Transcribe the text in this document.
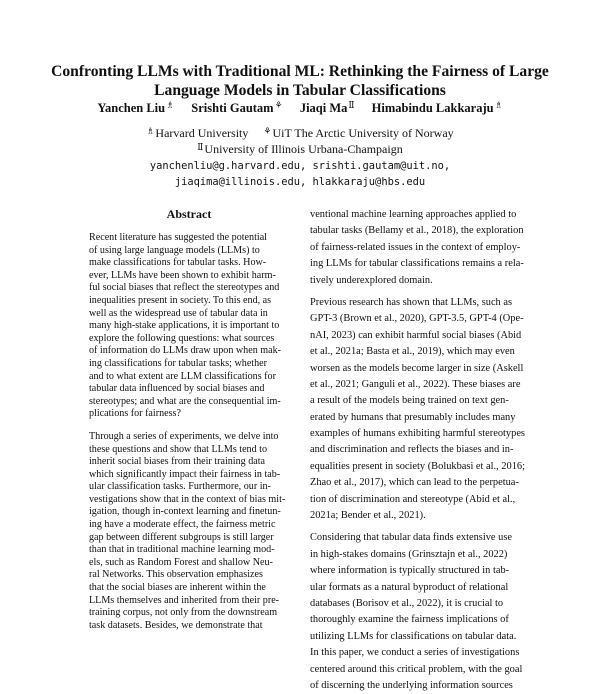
Confronting LLMs with Traditional ML: Rethinking the Fairness of Large
Language Models in Tabular Classifications
Yanchen Liu♗ Srishti Gautam⚘ Jiaqi MaⅡ Himabindu Lakkaraju♗
♗Harvard University ⚘UiT The Arctic University of Norway
ⅡUniversity of Illinois Urbana-Champaign
yanchenliu@g.harvard.edu, srishti.gautam@uit.no,
jiaqima@illinois.edu, hlakkaraju@hbs.edu
Abstract
Recent literature has suggested the potential
of using large language models (LLMs) to
make classifications for tabular tasks. How-
ever, LLMs have been shown to exhibit harm-
ful social biases that reflect the stereotypes and
inequalities present in society. To this end, as
well as the widespread use of tabular data in
many high-stake applications, it is important to
explore the following questions: what sources
of information do LLMs draw upon when mak-
ing classifications for tabular tasks; whether
and to what extent are LLM classifications for
tabular data influenced by social biases and
stereotypes; and what are the consequential im-
plications for fairness?
Through a series of experiments, we delve into
these questions and show that LLMs tend to
inherit social biases from their training data
which significantly impact their fairness in tab-
ular classification tasks. Furthermore, our in-
vestigations show that in the context of bias mit-
igation, though in-context learning and finetun-
ing have a moderate effect, the fairness metric
gap between different subgroups is still larger
than that in traditional machine learning mod-
els, such as Random Forest and shallow Neu-
ral Networks. This observation emphasizes
that the social biases are inherent within the
LLMs themselves and inherited from their pre-
training corpus, not only from the downstream
task datasets. Besides, we demonstrate that
ventional machine learning approaches applied to
tabular tasks (Bellamy et al., 2018), the exploration
of fairness-related issues in the context of employ-
ing LLMs for tabular classifications remains a rela-
tively underexplored domain.
Previous research has shown that LLMs, such as
GPT-3 (Brown et al., 2020), GPT-3.5, GPT-4 (Ope-
nAI, 2023) can exhibit harmful social biases (Abid
et al., 2021a; Basta et al., 2019), which may even
worsen as the models become larger in size (Askell
et al., 2021; Ganguli et al., 2022). These biases are
a result of the models being trained on text gen-
erated by humans that presumably includes many
examples of humans exhibiting harmful stereotypes
and discrimination and reflects the biases and in-
equalities present in society (Bolukbasi et al., 2016;
Zhao et al., 2017), which can lead to the perpetua-
tion of discrimination and stereotype (Abid et al.,
2021a; Bender et al., 2021).
Considering that tabular data finds extensive use
in high-stakes domains (Grinsztajn et al., 2022)
where information is typically structured in tab-
ular formats as a natural byproduct of relational
databases (Borisov et al., 2022), it is crucial to
thoroughly examine the fairness implications of
utilizing LLMs for classifications on tabular data.
In this paper, we conduct a series of investigations
centered around this critical problem, with the goal
of discerning the underlying information sources
